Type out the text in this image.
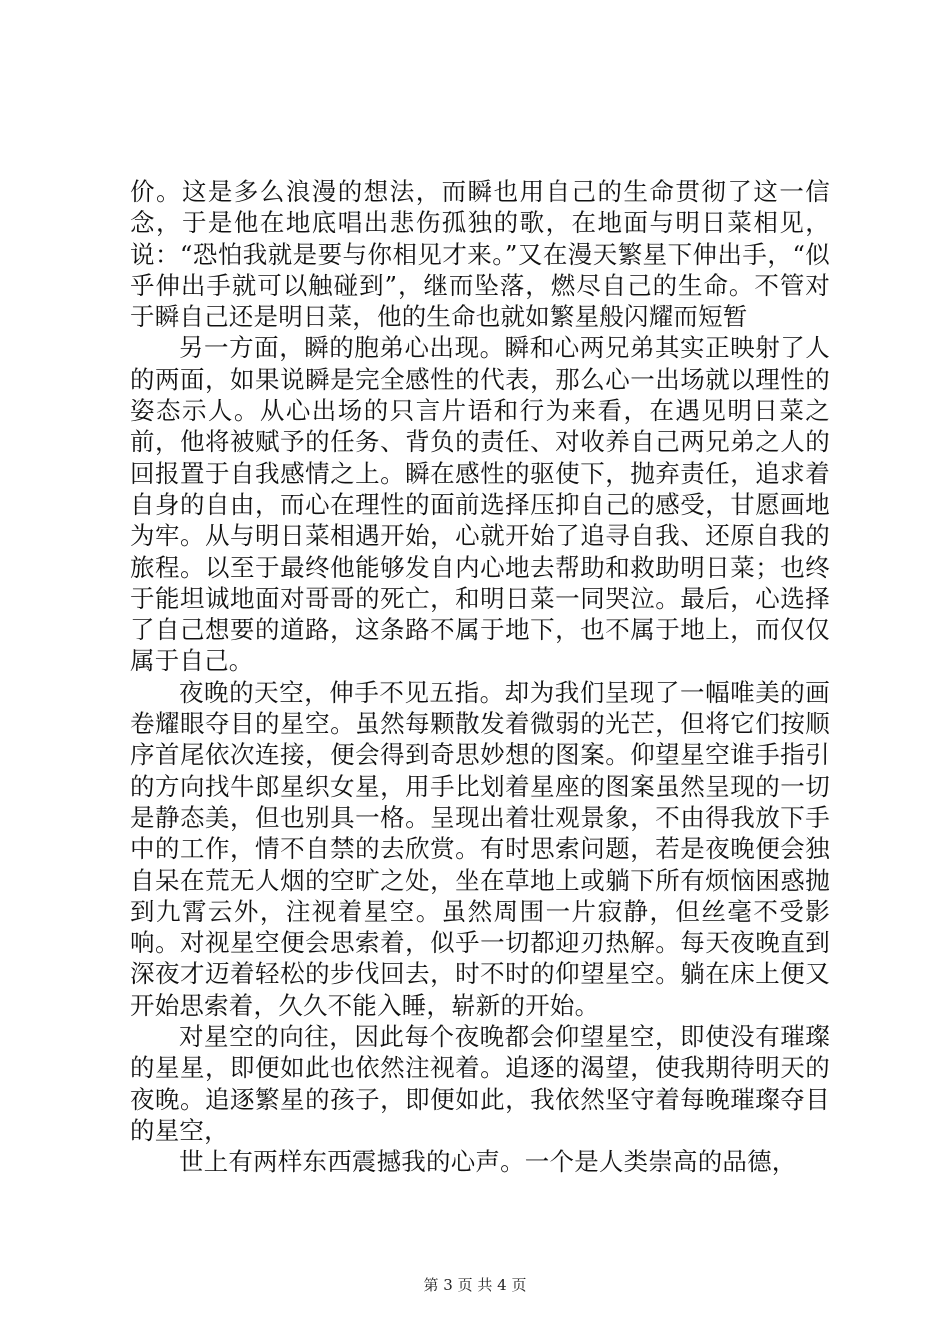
价。这是多么浪漫的想法，而瞬也用自己的生命贯彻了这一信念，于是他在地底唱出悲伤孤独的歌，在地面与明日菜相见，说：“恐怕我就是要与你相见才来。”又在漫天繁星下伸出手，“似乎伸出手就可以触碰到”，继而坠落，燃尽自己的生命。不管对于瞬自己还是明日菜，他的生命也就如繁星般闪耀而短暂

另一方面，瞬的胞弟心出现。瞬和心两兄弟其实正映射了人的两面，如果说瞬是完全感性的代表，那么心一出场就以理性的姿态示人。从心出场的只言片语和行为来看，在遇见明日菜之前，他将被赋予的任务、背负的责任、对收养自己两兄弟之人的回报置于自我感情之上。瞬在感性的驱使下，抛弃责任，追求着自身的自由，而心在理性的面前选择压抑自己的感受，甘愿画地为牢。从与明日菜相遇开始，心就开始了追寻自我、还原自我的旅程。以至于最终他能够发自内心地去帮助和救助明日菜；也终于能坦诚地面对哥哥的死亡，和明日菜一同哭泣。最后，心选择了自己想要的道路，这条路不属于地下，也不属于地上，而仅仅属于自己。

夜晚的天空，伸手不见五指。却为我们呈现了一幅唯美的画卷耀眼夺目的星空。虽然每颗散发着微弱的光芒，但将它们按顺序首尾依次连接，便会得到奇思妙想的图案。仰望星空谁手指引的方向找牛郎星织女星，用手比划着星座的图案虽然呈现的一切是静态美，但也别具一格。呈现出着壮观景象，不由得我放下手中的工作，情不自禁的去欣赏。有时思索问题，若是夜晚便会独自呆在荒无人烟的空旷之处，坐在草地上或躺下所有烦恼困惑抛到九霄云外，注视着星空。虽然周围一片寂静，但丝毫不受影响。对视星空便会思索着，似乎一切都迎刃热解。每天夜晚直到深夜才迈着轻松的步伐回去，时不时的仰望星空。躺在床上便又开始思索着，久久不能入睡，崭新的开始。

对星空的向往，因此每个夜晚都会仰望星空，即使没有璀璨的星星，即便如此也依然注视着。追逐的渴望，使我期待明天的夜晚。追逐繁星的孩子，即便如此，我依然坚守着每晚璀璨夺目的星空，

世上有两样东西震撼我的心声。一个是人类崇高的品德，

第 3 页 共 4 页
